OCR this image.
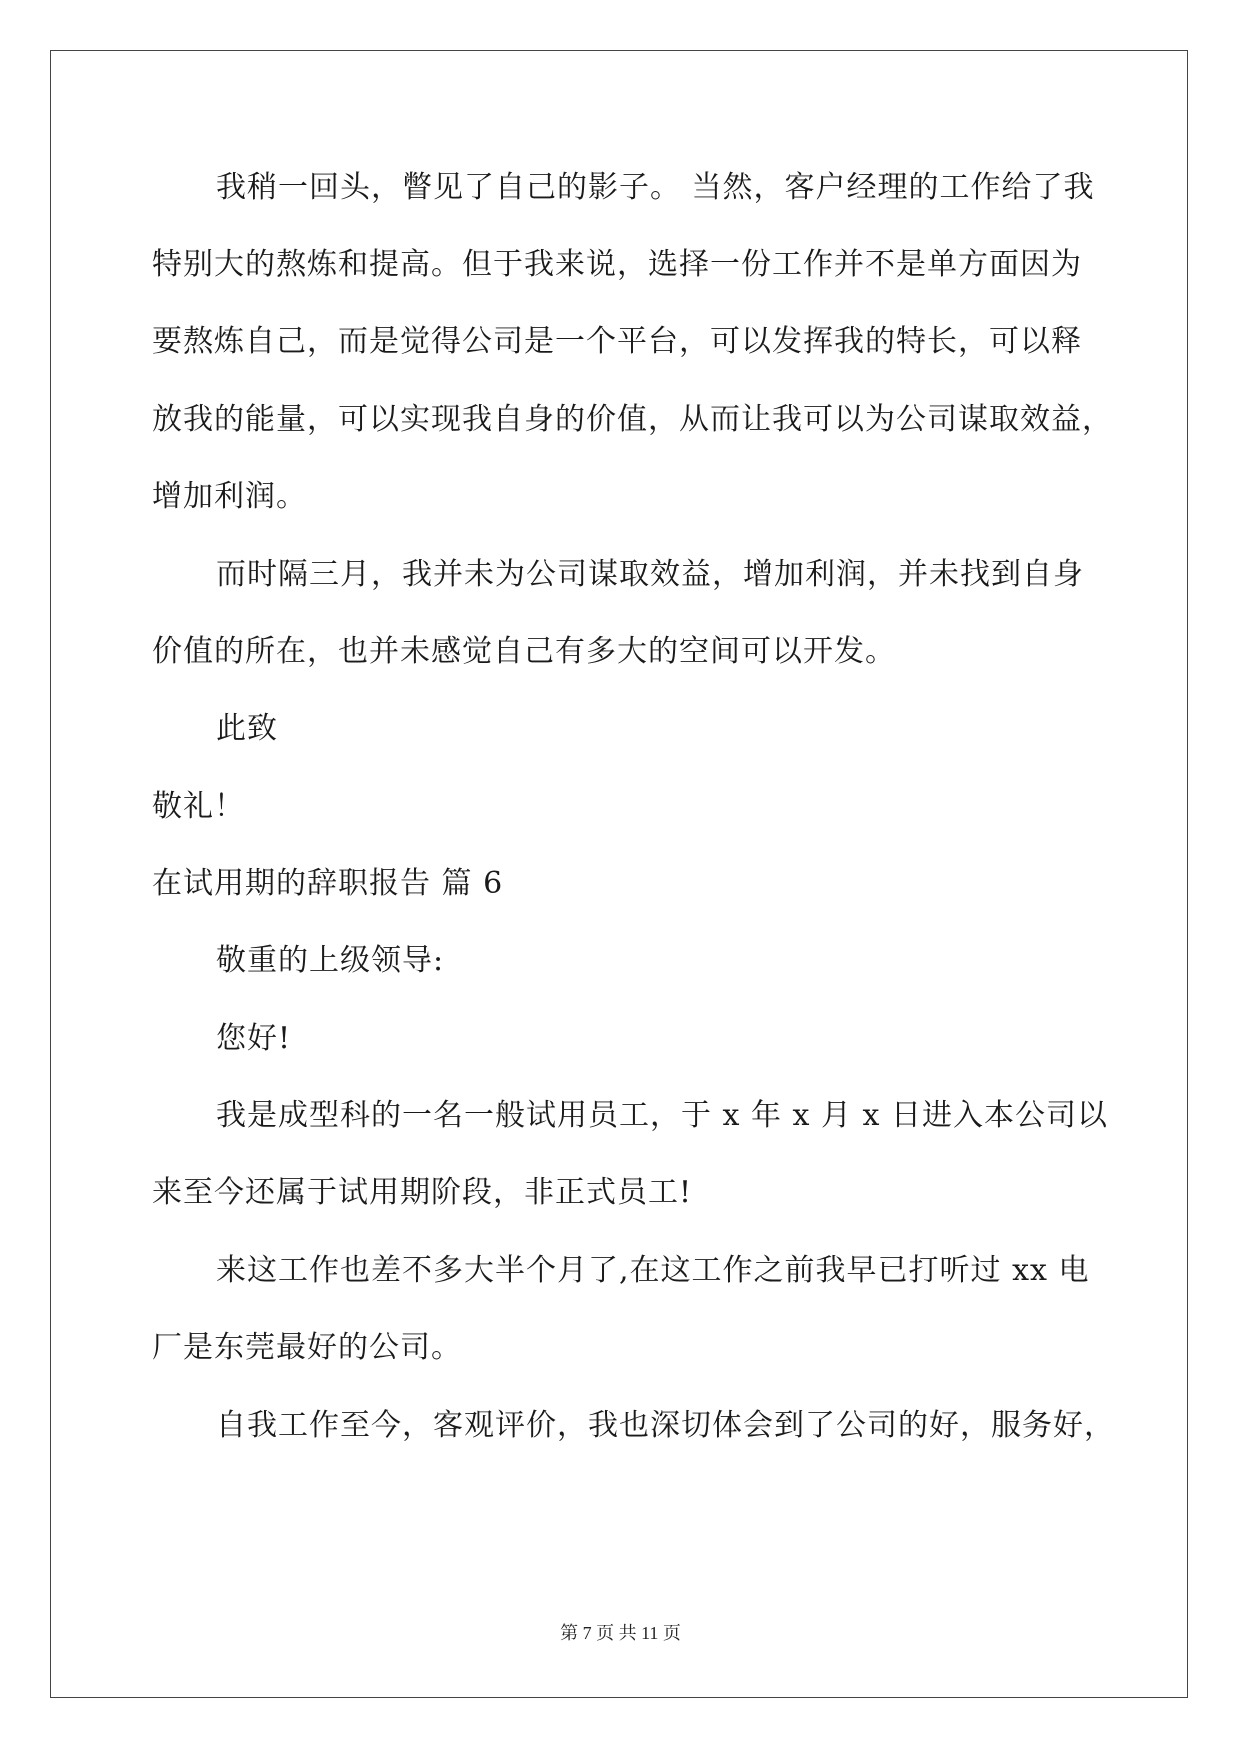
我稍一回头，瞥见了自己的影子。 当然，客户经理的工作给了我
特别大的熬炼和提高。但于我来说，选择一份工作并不是单方面因为
要熬炼自己，而是觉得公司是一个平台，可以发挥我的特长，可以释
放我的能量，可以实现我自身的价值，从而让我可以为公司谋取效益，
增加利润。
而时隔三月，我并未为公司谋取效益，增加利润，并未找到自身
价值的所在，也并未感觉自己有多大的空间可以开发。
此致
敬礼！
在试用期的辞职报告 篇 6
敬重的上级领导:
您好!
我是成型科的一名一般试用员工，于 x 年 x 月 x 日进入本公司以
来至今还属于试用期阶段，非正式员工!
来这工作也差不多大半个月了,在这工作之前我早已打听过 xx 电
厂是东莞最好的公司。
自我工作至今，客观评价，我也深切体会到了公司的好，服务好，
第 7 页 共 11 页
